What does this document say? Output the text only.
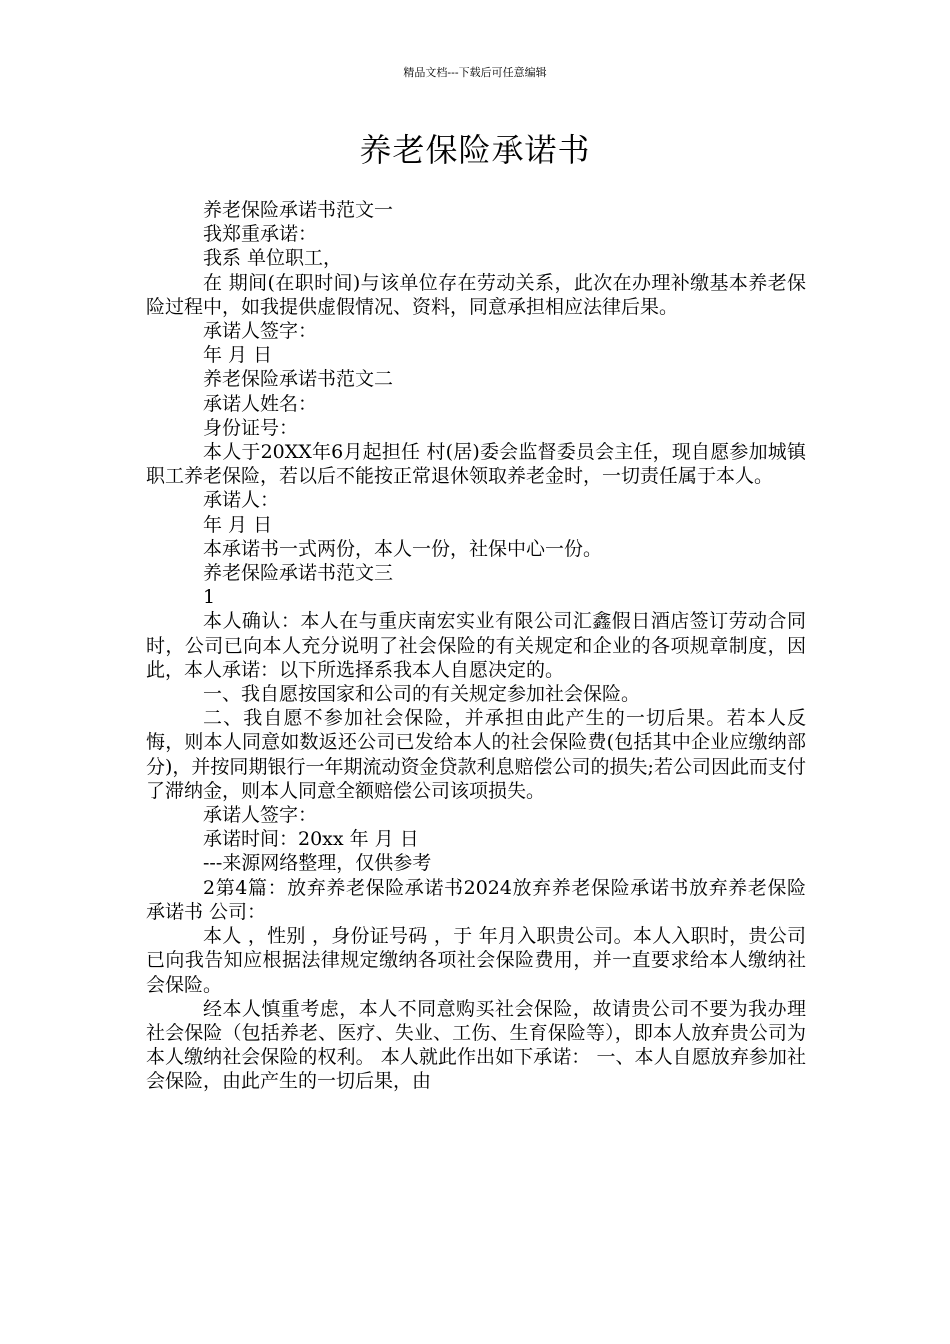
精品文档---下载后可任意编辑
养老保险承诺书

养老保险承诺书范文一

我郑重承诺：

我系 单位职工，

在 期间(在职时间)与该单位存在劳动关系，此次在办理补缴基本养老保险过程中，如我提供虚假情况、资料，同意承担相应法律后果。

承诺人签字：

年 月 日

养老保险承诺书范文二

承诺人姓名：

身份证号：

本人于20XX年6月起担任 村(居)委会监督委员会主任，现自愿参加城镇职工养老保险，若以后不能按正常退休领取养老金时，一切责任属于本人。

承诺人：

年 月 日

本承诺书一式两份，本人一份，社保中心一份。

养老保险承诺书范文三

1

本人确认：本人在与重庆南宏实业有限公司汇鑫假日酒店签订劳动合同时，公司已向本人充分说明了社会保险的有关规定和企业的各项规章制度，因此，本人承诺：以下所选择系我本人自愿决定的。

一、我自愿按国家和公司的有关规定参加社会保险。

二、我自愿不参加社会保险，并承担由此产生的一切后果。若本人反悔，则本人同意如数返还公司已发给本人的社会保险费(包括其中企业应缴纳部分)，并按同期银行一年期流动资金贷款利息赔偿公司的损失;若公司因此而支付了滞纳金，则本人同意全额赔偿公司该项损失。

承诺人签字：

承诺时间：20xx 年 月 日

---来源网络整理，仅供参考

2第4篇：放弃养老保险承诺书2024放弃养老保险承诺书放弃养老保险承诺书 公司：

本人 ，性别 ，身份证号码 ，于 年月入职贵公司。本人入职时，贵公司已向我告知应根据法律规定缴纳各项社会保险费用，并一直要求给本人缴纳社会保险。

经本人慎重考虑，本人不同意购买社会保险，故请贵公司不要为我办理社会保险（包括养老、医疗、失业、工伤、生育保险等），即本人放弃贵公司为本人缴纳社会保险的权利。 本人就此作出如下承诺： 一、本人自愿放弃参加社会保险，由此产生的一切后果，由
